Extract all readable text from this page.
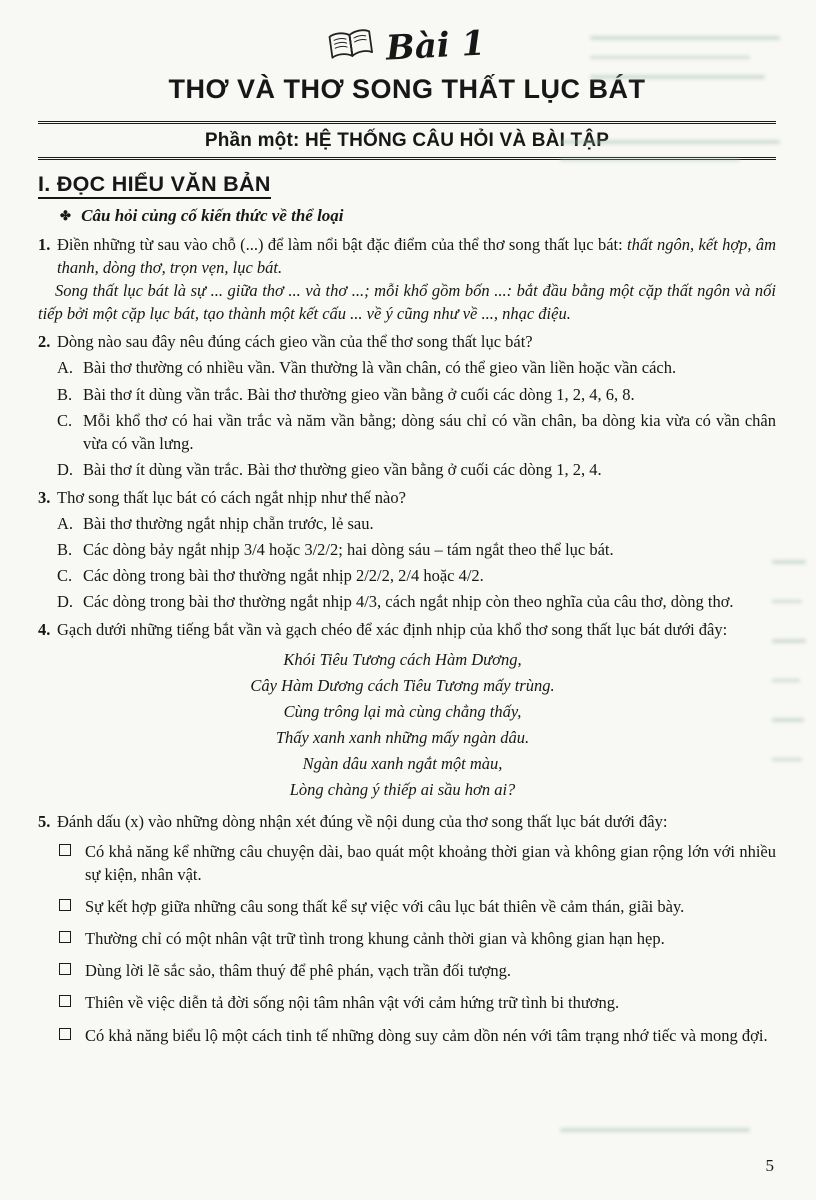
Bài 1
THƠ VÀ THƠ SONG THẤT LỤC BÁT
Phần một: HỆ THỐNG CÂU HỎI VÀ BÀI TẬP
I. ĐỌC HIỂU VĂN BẢN

✤ Câu hỏi củng cố kiến thức về thể loại

1. Điền những từ sau vào chỗ (...) để làm nổi bật đặc điểm của thể thơ song thất lục bát: thất ngôn, kết hợp, âm thanh, dòng thơ, trọn vẹn, lục bát.

Song thất lục bát là sự ... giữa thơ ... và thơ ...; mỗi khổ gồm bốn ...: bắt đầu bằng một cặp thất ngôn và nối tiếp bởi một cặp lục bát, tạo thành một kết cấu ... về ý cũng như về ..., nhạc điệu.

2. Dòng nào sau đây nêu đúng cách gieo vần của thể thơ song thất lục bát?

A. Bài thơ thường có nhiều vần. Vần thường là vần chân, có thể gieo vần liền hoặc vần cách.
B. Bài thơ ít dùng vần trắc. Bài thơ thường gieo vần bằng ở cuối các dòng 1, 2, 4, 6, 8.
C. Mỗi khổ thơ có hai vần trắc và năm vần bằng; dòng sáu chỉ có vần chân, ba dòng kia vừa có vần chân vừa có vần lưng.
D. Bài thơ ít dùng vần trắc. Bài thơ thường gieo vần bằng ở cuối các dòng 1, 2, 4.
3. Thơ song thất lục bát có cách ngắt nhịp như thế nào?

A. Bài thơ thường ngắt nhịp chẵn trước, lẻ sau.
B. Các dòng bảy ngắt nhịp 3/4 hoặc 3/2/2; hai dòng sáu – tám ngắt theo thể lục bát.
C. Các dòng trong bài thơ thường ngắt nhịp 2/2/2, 2/4 hoặc 4/2.
D. Các dòng trong bài thơ thường ngắt nhịp 4/3, cách ngắt nhịp còn theo nghĩa của câu thơ, dòng thơ.
4. Gạch dưới những tiếng bắt vần và gạch chéo để xác định nhịp của khổ thơ song thất lục bát dưới đây:

Khói Tiêu Tương cách Hàm Dương,
Cây Hàm Dương cách Tiêu Tương mấy trùng.
Cùng trông lại mà cùng chẳng thấy,
Thấy xanh xanh những mấy ngàn dâu.
Ngàn dâu xanh ngắt một màu,
Lòng chàng ý thiếp ai sầu hơn ai?
5. Đánh dấu (x) vào những dòng nhận xét đúng về nội dung của thơ song thất lục bát dưới đây:

Có khả năng kể những câu chuyện dài, bao quát một khoảng thời gian và không gian rộng lớn với nhiều sự kiện, nhân vật.
Sự kết hợp giữa những câu song thất kể sự việc với câu lục bát thiên về cảm thán, giãi bày.
Thường chỉ có một nhân vật trữ tình trong khung cảnh thời gian và không gian hạn hẹp.
Dùng lời lẽ sắc sảo, thâm thuý để phê phán, vạch trần đối tượng.
Thiên về việc diễn tả đời sống nội tâm nhân vật với cảm hứng trữ tình bi thương.
Có khả năng biểu lộ một cách tinh tế những dòng suy cảm dồn nén với tâm trạng nhớ tiếc và mong đợi.
5
